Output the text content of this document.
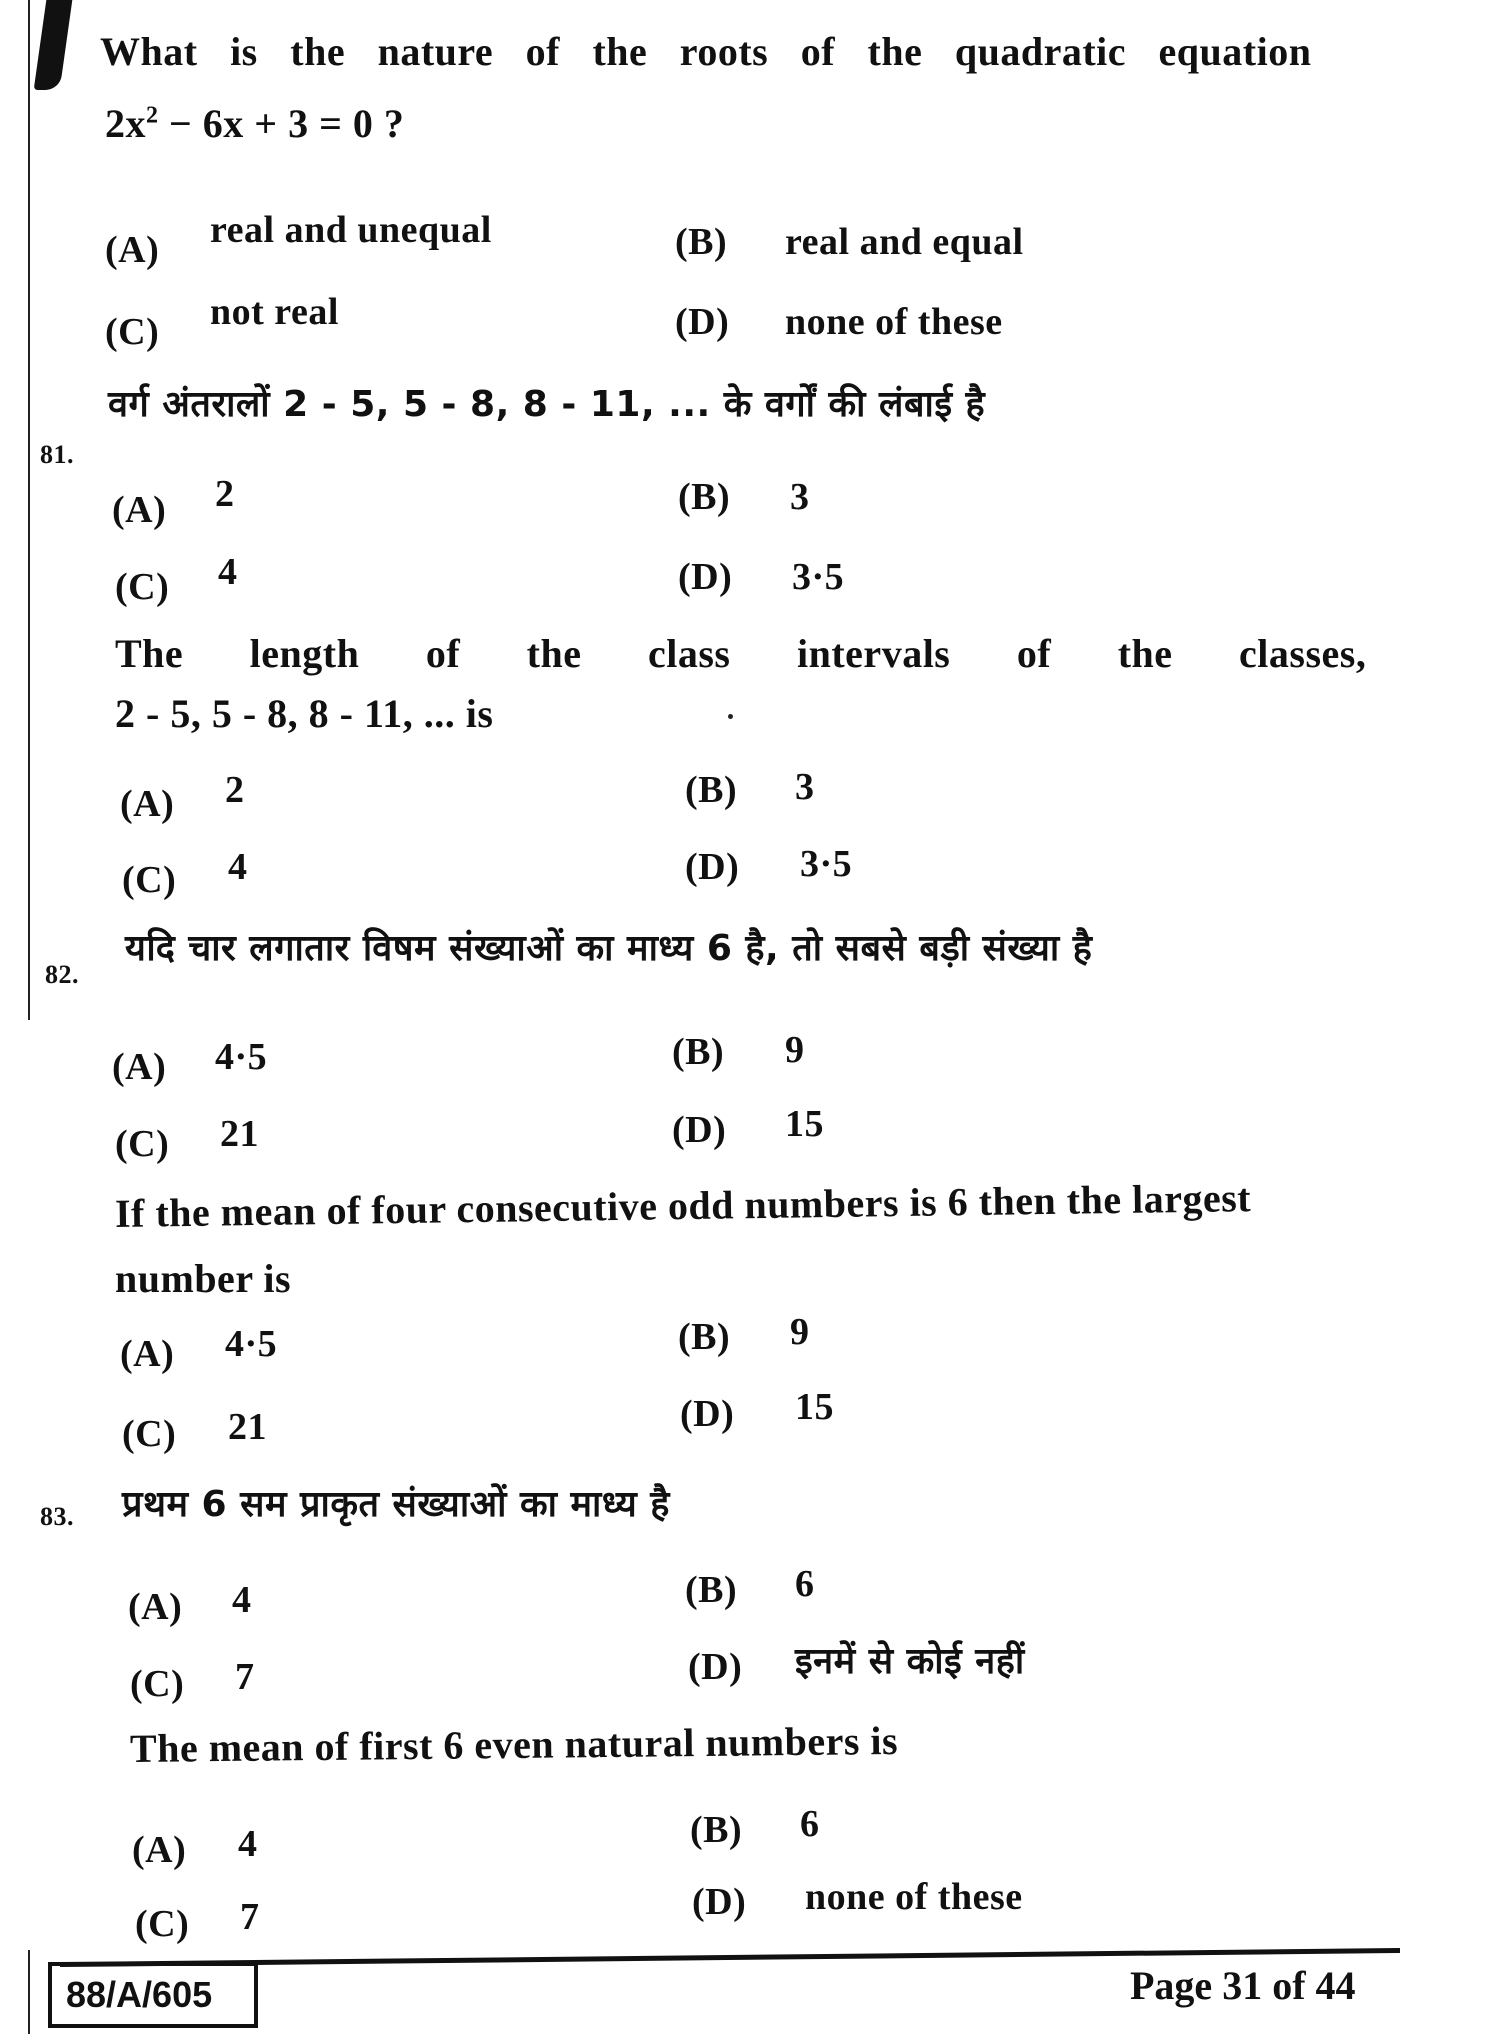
What is the nature of the roots of the quadratic equation
$2x^2 - 6x + 3 = 0$ ?
(A) real and unequal	(B) real and equal
(C) not real	(D) none of these
81.
वर्ग अंतरालों 2 - 5, 5 - 8, 8 - 11, ... के वर्गों की लंबाई है
(A) 2	(B) 3
(C) 4	(D) 3·5
The length of the class intervals of the classes,
2 - 5, 5 - 8, 8 - 11, ... is
(A) 2	(B) 3
(C) 4	(D) 3·5
82.
यदि चार लगातार विषम संख्याओं का माध्य 6 है, तो सबसे बड़ी संख्या है
(A) 4·5	(B) 9
(C) 21	(D) 15
If the mean of four consecutive odd numbers is 6 then the largest
number is
(A) 4·5	(B) 9
(C) 21	(D) 15
83. प्रथम 6 सम प्राकृत संख्याओं का माध्य है
(A) 4	(B) 6
(C) 7	(D) इनमें से कोई नहीं
The mean of first 6 even natural numbers is
(A) 4	(B) 6
(C) 7	(D) none of these
88/A/605	Page 31 of 44
